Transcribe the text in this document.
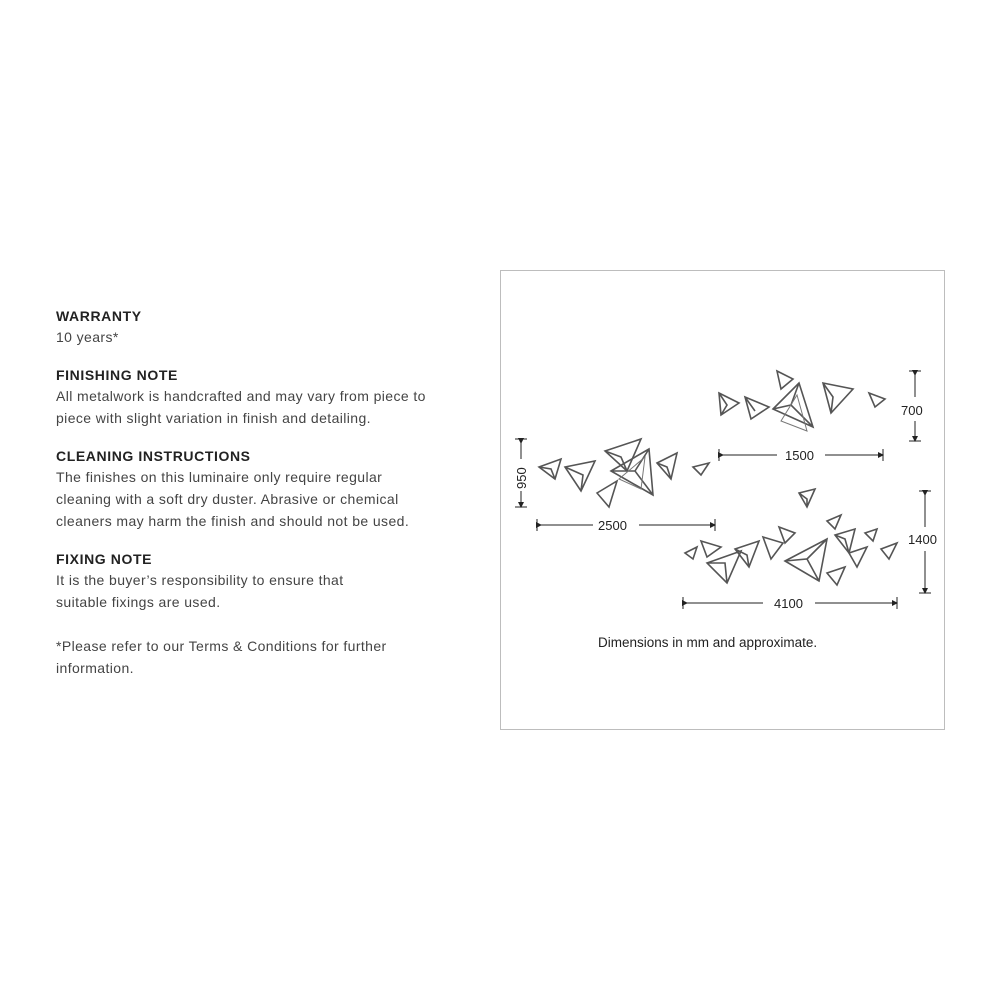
WARRANTY

10 years*

FINISHING NOTE

All metalwork is handcrafted and may vary from piece to
piece with slight variation in finish and detailing.

CLEANING INSTRUCTIONS

The finishes on this luminaire only require regular
cleaning with a soft dry duster. Abrasive or chemical
cleaners may harm the finish and should not be used.

FIXING NOTE

It is the buyer’s responsibility to ensure that
suitable fixings are used.

*Please refer to our Terms & Conditions for further
information.

700
1500
950
2500
1400
4100
Dimensions in mm and approximate.
